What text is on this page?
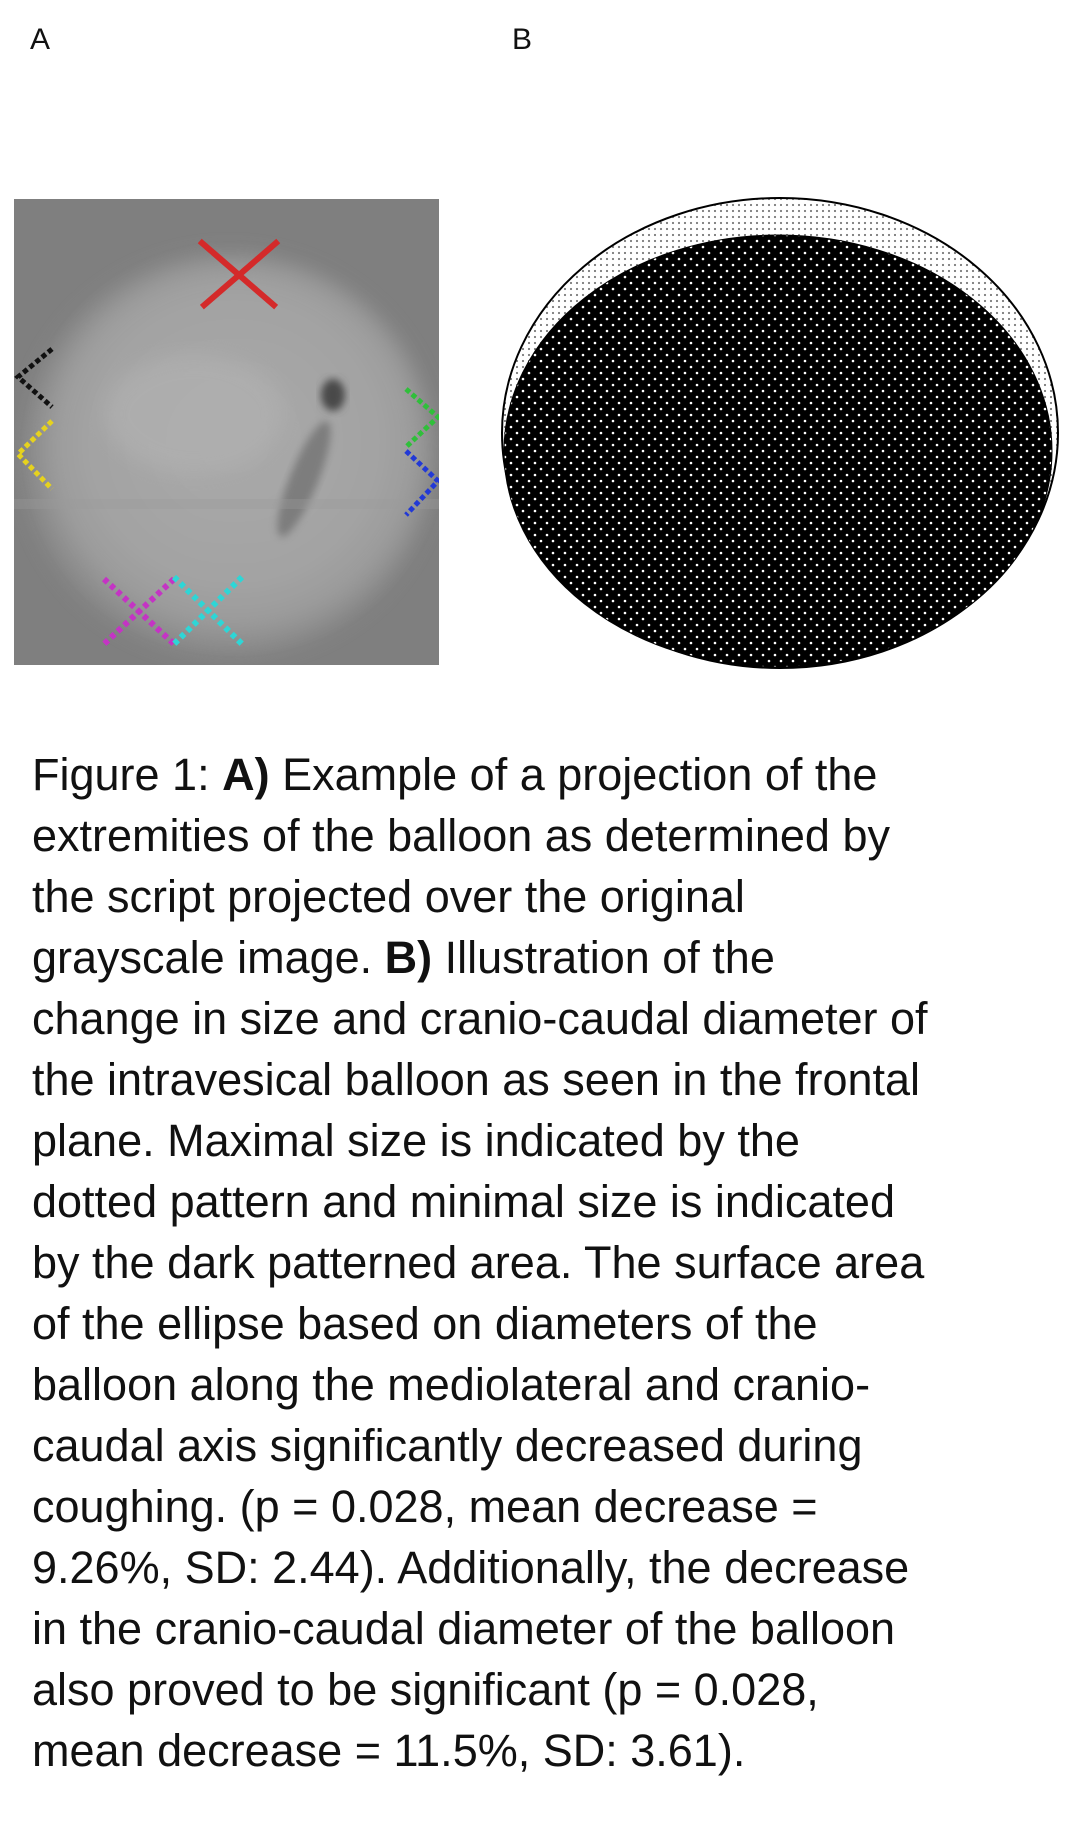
A	B
Figure 1: A) Example of a projection of the
extremities of the balloon as determined by
the script projected over the original
grayscale image. B) Illustration of the
change in size and cranio-caudal diameter of
the intravesical balloon as seen in the frontal
plane. Maximal size is indicated by the
dotted pattern and minimal size is indicated
by the dark patterned area. The surface area
of the ellipse based on diameters of the
balloon along the mediolateral and cranio-
caudal axis significantly decreased during
coughing. (p = 0.028, mean decrease =
9.26%, SD: 2.44). Additionally, the decrease
in the cranio-caudal diameter of the balloon
also proved to be significant (p = 0.028,
mean decrease = 11.5%, SD: 3.61).
